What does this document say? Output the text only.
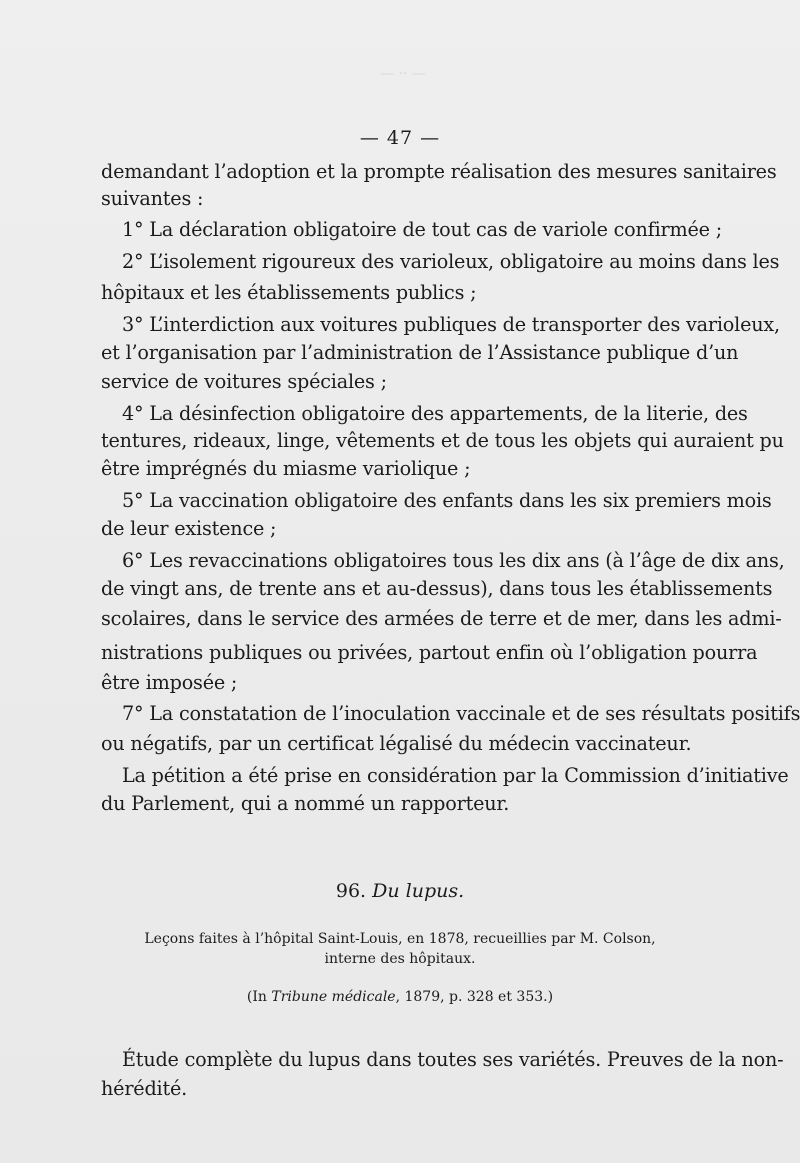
— ·· —
— 47 —
demandant l’adoption et la prompte réalisation des mesures sanitaires
suivantes :
1° La déclaration obligatoire de tout cas de variole confirmée ;
2° L’isolement rigoureux des varioleux, obligatoire au moins dans les
hôpitaux et les établissements publics ;
3° L’interdiction aux voitures publiques de transporter des varioleux,
et l’organisation par l’administration de l’Assistance publique d’un
service de voitures spéciales ;
4° La désinfection obligatoire des appartements, de la literie, des
tentures, rideaux, linge, vêtements et de tous les objets qui auraient pu
être imprégnés du miasme variolique ;
5° La vaccination obligatoire des enfants dans les six premiers mois
de leur existence ;
6° Les revaccinations obligatoires tous les dix ans (à l’âge de dix ans,
de vingt ans, de trente ans et au-dessus), dans tous les établissements
scolaires, dans le service des armées de terre et de mer, dans les admi-
nistrations publiques ou privées, partout enfin où l’obligation pourra
être imposée ;
7° La constatation de l’inoculation vaccinale et de ses résultats positifs
ou négatifs, par un certificat légalisé du médecin vaccinateur.
La pétition a été prise en considération par la Commission d’initiative
du Parlement, qui a nommé un rapporteur.
96. Du lupus.
Leçons faites à l’hôpital Saint-Louis, en 1878, recueillies par M. Colson,
interne des hôpitaux.
(In Tribune médicale, 1879, p. 328 et 353.)
Étude complète du lupus dans toutes ses variétés. Preuves de la non-
hérédité.
